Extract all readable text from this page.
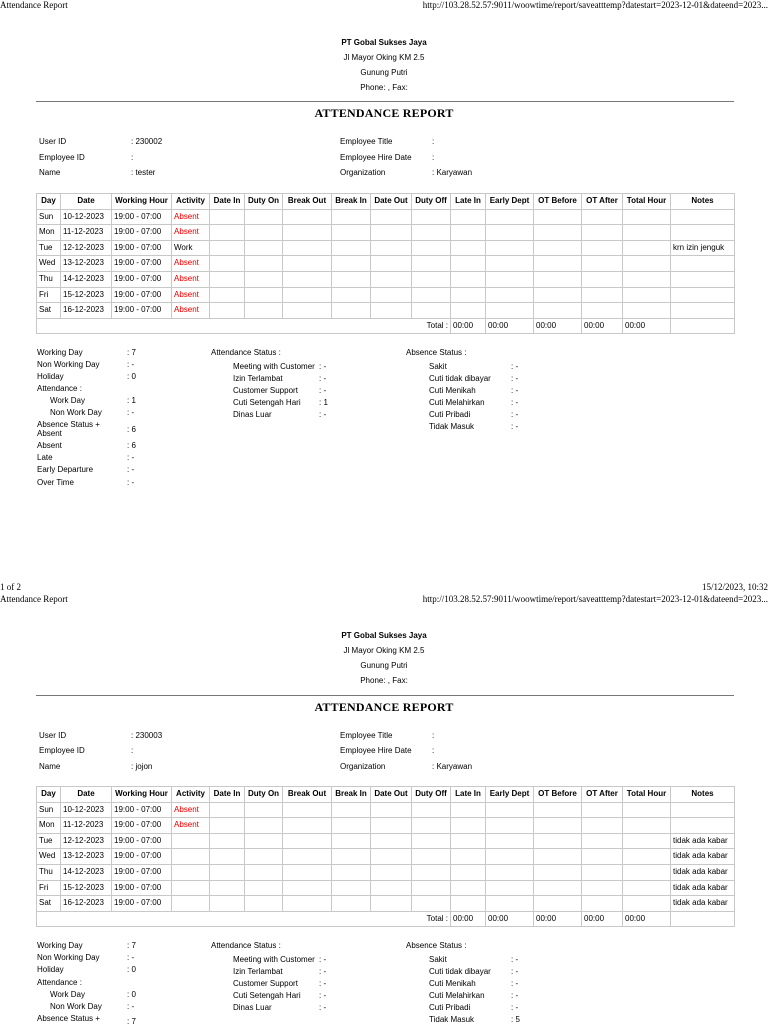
Attendance Report	http://103.28.52.57:9011/woowtime/report/saveatttemp?datestart=2023-12-01&dateend=2023...
PT Gobal Sukses Jaya
Jl Mayor Oking KM 2.5
Gunung Putri
Phone: , Fax:
ATTENDANCE REPORT
User ID	: 230002
Employee ID	:
Name	: tester
Employee Title	:
Employee Hire Date	:
Organization	: Karyawan
Day	Date	Working Hour	Activity	Date In	Duty On	Break Out	Break In	Date Out	Duty Off	Late In	Early Dept	OT Before	OT After	Total Hour	Notes
Sun	10-12-2023	19:00 - 07:00	Absent												
Mon	11-12-2023	19:00 - 07:00	Absent												
Tue	12-12-2023	19:00 - 07:00	Work												krn izin jenguk
Wed	13-12-2023	19:00 - 07:00	Absent												
Thu	14-12-2023	19:00 - 07:00	Absent												
Fri	15-12-2023	19:00 - 07:00	Absent												
Sat	16-12-2023	19:00 - 07:00	Absent												
Total :										00:00	00:00	00:00	00:00	00:00	
Working Day	: 7
Non Working Day	: -
Holiday	: 0
Attendance :
Work Day	: 1
Non Work Day	: -
Absence Status +
Absent	: 6
Absent	: 6
Late	: -
Early Departure	: -
Over Time	: -
Attendance Status :
Meeting with Customer : -
Izin Terlambat	: -
Customer Support	: -
Cuti Setengah Hari : 1
Dinas Luar	: -
Absence Status :
Sakit	: -
Cuti tidak dibayar	: -
Cuti Menikah	: -
Cuti Melahirkan	: -
Cuti Pribadi	: -
Tidak Masuk	: -
1 of 2	15/12/2023, 10:32
Attendance Report	http://103.28.52.57:9011/woowtime/report/saveatttemp?datestart=2023-12-01&dateend=2023...
PT Gobal Sukses Jaya
Jl Mayor Oking KM 2.5
Gunung Putri
Phone: , Fax:
ATTENDANCE REPORT
User ID	: 230003
Employee ID	:
Name	: jojon
Employee Title	:
Employee Hire Date	:
Organization	: Karyawan
Day	Date	Working Hour	Activity	Date In	Duty On	Break Out	Break In	Date Out	Duty Off	Late In	Early Dept	OT Before	OT After	Total Hour	Notes
Sun	10-12-2023	19:00 - 07:00	Absent												
Mon	11-12-2023	19:00 - 07:00	Absent												
Tue	12-12-2023	19:00 - 07:00													tidak ada kabar
Wed	13-12-2023	19:00 - 07:00													tidak ada kabar
Thu	14-12-2023	19:00 - 07:00													tidak ada kabar
Fri	15-12-2023	19:00 - 07:00													tidak ada kabar
Sat	16-12-2023	19:00 - 07:00													tidak ada kabar
Total :										00:00	00:00	00:00	00:00	00:00	
Working Day	: 7
Non Working Day	: -
Holiday	: 0
Attendance :
Work Day	: 0
Non Work Day	: -
Absence Status +	: 7
Attendance Status :
Meeting with Customer : -
Izin Terlambat	: -
Customer Support	: -
Cuti Setengah Hari : -
Dinas Luar	: -
Absence Status :
Sakit	: -
Cuti tidak dibayar	: -
Cuti Menikah	: -
Cuti Melahirkan	: -
Cuti Pribadi	: -
Tidak Masuk	: 5
